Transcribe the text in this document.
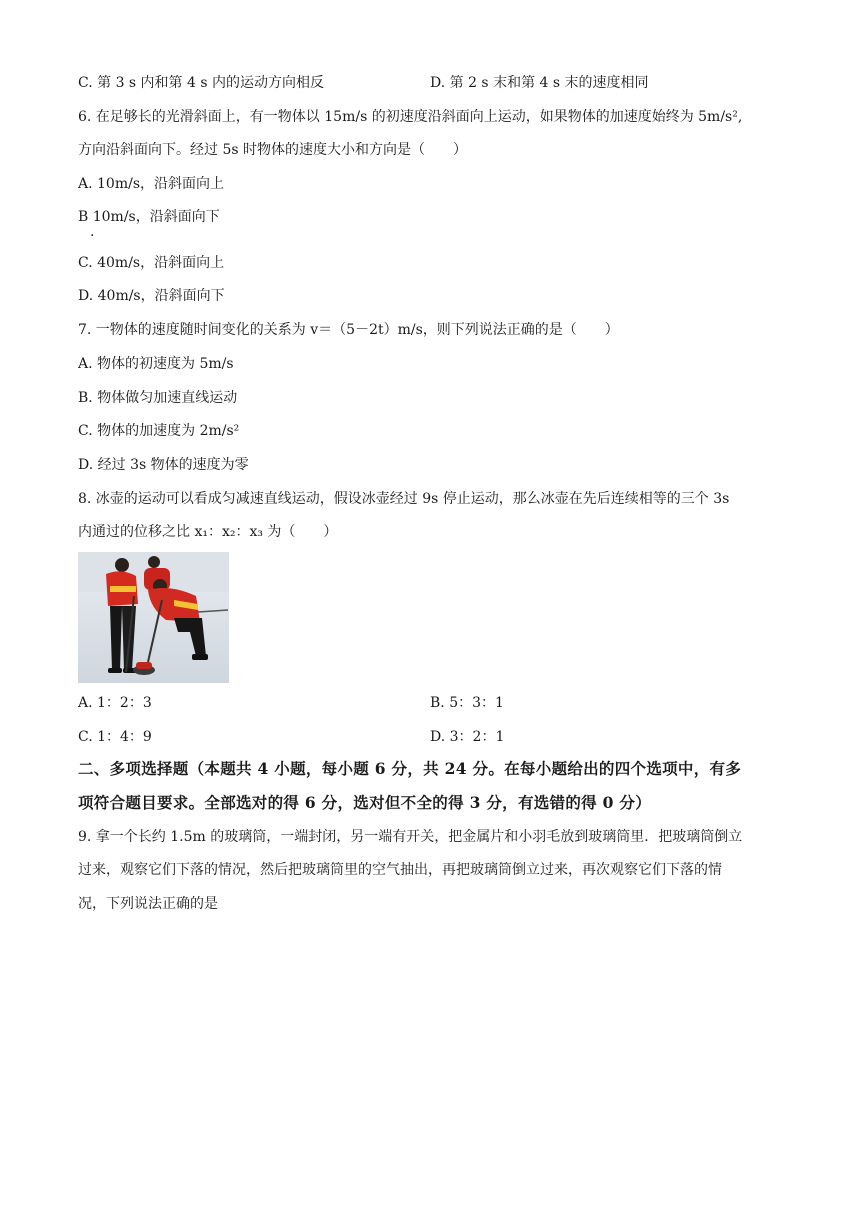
C. 第 3 s 内和第 4 s 内的运动方向相反	D. 第 2 s 末和第 4 s 末的速度相同
6. 在足够长的光滑斜面上，有一物体以 15m/s 的初速度沿斜面向上运动，如果物体的加速度始终为 5m/s²,
方向沿斜面向下。经过 5s 时物体的速度大小和方向是（　　）
A. 10m/s，沿斜面向上
B 10m/s，沿斜面向下
.
C. 40m/s，沿斜面向上
D. 40m/s，沿斜面向下
7. 一物体的速度随时间变化的关系为 v＝（5－2t）m/s，则下列说法正确的是（　　）
A. 物体的初速度为 5m/s
B. 物体做匀加速直线运动
C. 物体的加速度为 2m/s²
D. 经过 3s 物体的速度为零
8. 冰壶的运动可以看成匀减速直线运动，假设冰壶经过 9s 停止运动，那么冰壶在先后连续相等的三个 3s
内通过的位移之比 x₁：x₂：x₃ 为（　　）
A. 1：2：3	B. 5：3：1
C. 1：4：9	D. 3：2：1
二、多项选择题（本题共 4 小题，每小题 6 分，共 24 分。在每小题给出的四个选项中，有多
项符合题目要求。全部选对的得 6 分，选对但不全的得 3 分，有选错的得 0 分）
9. 拿一个长约 1.5m 的玻璃筒，一端封闭，另一端有开关，把金属片和小羽毛放到玻璃筒里．把玻璃筒倒立
过来，观察它们下落的情况，然后把玻璃筒里的空气抽出，再把玻璃筒倒立过来，再次观察它们下落的情
况，下列说法正确的是
